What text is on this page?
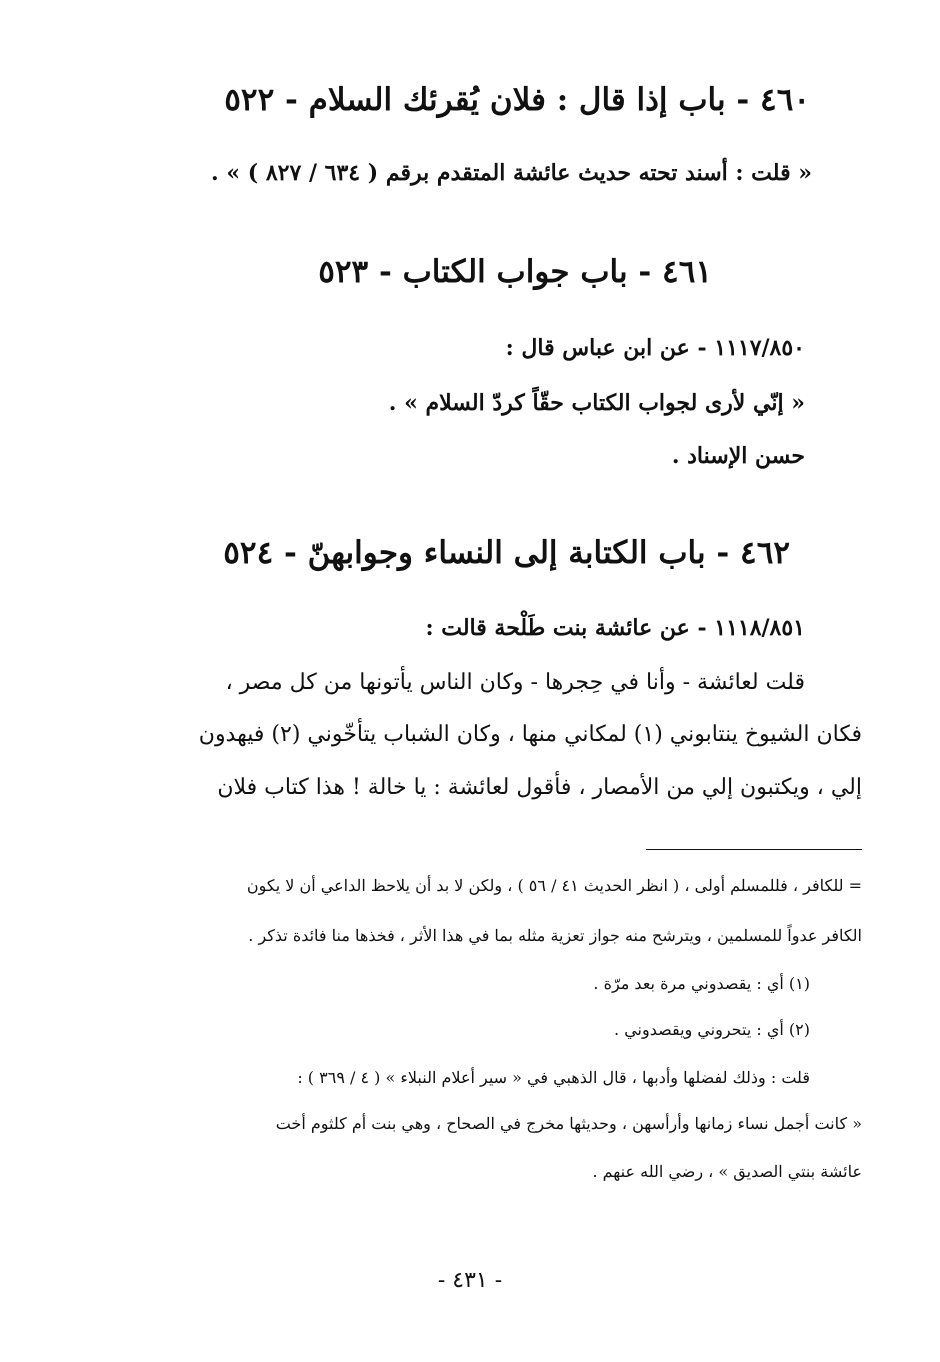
٤٦٠ - باب إذا قال : فلان يُقرئك السلام - ٥٢٢
« قلت : أسند تحته حديث عائشة المتقدم برقم ( ٦٣٤ / ٨٢٧ ) » .
٤٦١ - باب جواب الكتاب - ٥٢٣
١١١٧/٨٥٠ - عن ابن عباس قال :
« إنّي لأرى لجواب الكتاب حقّاً كردّ السلام » .
حسن الإسناد .
٤٦٢ - باب الكتابة إلى النساء وجوابهنّ - ٥٢٤
١١١٨/٨٥١ - عن عائشة بنت طَلْحة قالت :
قلت لعائشة - وأنا في حِجرها - وكان الناس يأتونها من كل مصر ،
فكان الشيوخ ينتابوني (١) لمكاني منها ، وكان الشباب يتأخّوني (٢) فيهدون
إلي ، ويكتبون إلي من الأمصار ، فأقول لعائشة : يا خالة ! هذا كتاب فلان
= للكافر ، فللمسلم أولى ، ( انظر الحديث ٤١ / ٥٦ ) ، ولكن لا بد أن يلاحظ الداعي أن لا يكون
الكافر عدواً للمسلمين ، ويترشح منه جواز تعزية مثله بما في هذا الأثر ، فخذها منا فائدة تذكر .
(١) أي : يقصدوني مرة بعد مرّة .
(٢) أي : يتحروني ويقصدوني .
قلت : وذلك لفضلها وأدبها ، قال الذهبي في « سير أعلام النبلاء » ( ٤ / ٣٦٩ ) :
« كانت أجمل نساء زمانها وأرأسهن ، وحديثها مخرج في الصحاح ، وهي بنت أم كلثوم أخت
عائشة بنتي الصديق » ، رضي الله عنهم .
- ٤٣١ -
